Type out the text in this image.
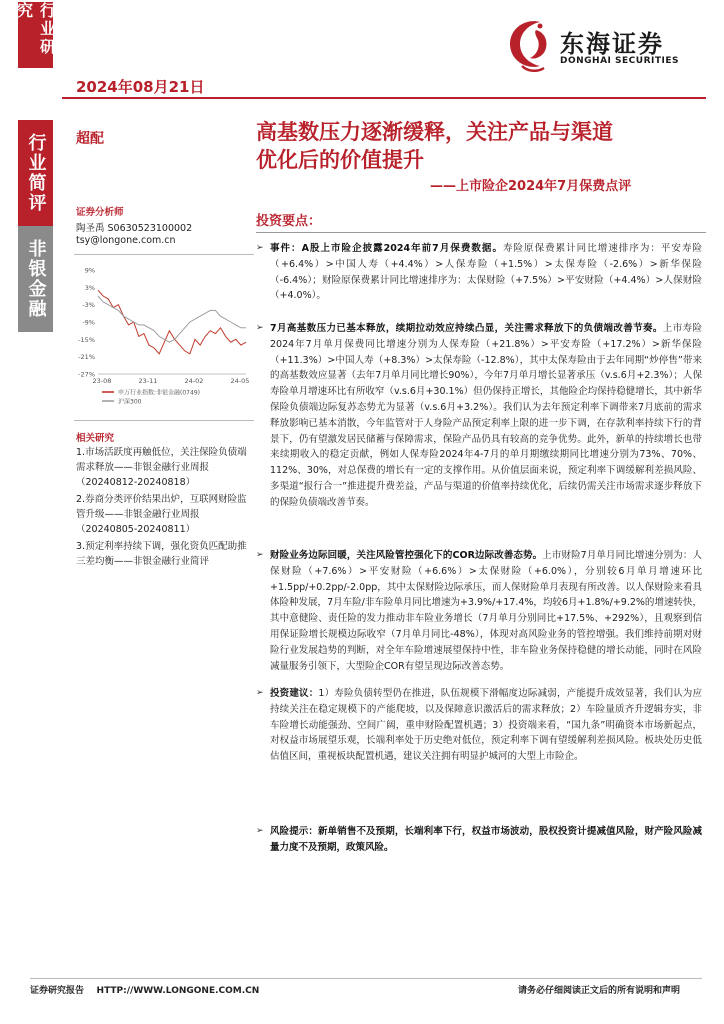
行业研究
行业简评
非银金融
2024年08月21日
东海证券
DONGHAI SECURITIES
超配	高基数压力逐渐缓释，关注产品与渠道
优化后的价值提升
——上市险企2024年7月保费点评
证券分析师
陶圣禹 S0630523100002
tsy@longone.com.cn
9%
3%
-3%
-9%
-15%
-21%
-27%
23-08	23-11	24-02	24-05
申万行业指数:非银金融(0749)
沪深300
相关研究
1.市场活跃度再触低位，关注保险负债端需求释放——非银金融行业周报（20240812-20240818）
2.券商分类评价结果出炉，互联网财险监管升级——非银金融行业周报（20240805-20240811）
3.预定利率持续下调，强化资负匹配助推三差均衡——非银金融行业简评
投资要点：
➢ 事件：A股上市险企披露2024年前7月保费数据。寿险原保费累计同比增速排序为：平安寿险（+6.4%）>中国人寿（+4.4%）>人保寿险（+1.5%）>太保寿险（-2.6%）>新华保险（-6.4%）；财险原保费累计同比增速排序为：太保财险（+7.5%）>平安财险（+4.4%）>人保财险（+4.0%）。
➢ 7月高基数压力已基本释放，续期拉动效应持续凸显，关注需求释放下的负债端改善节奏。上市寿险2024年7月单月保费同比增速分别为人保寿险（+21.8%）>平安寿险（+17.2%）>新华保险（+11.3%）>中国人寿（+8.3%）>太保寿险（-12.8%），其中太保寿险由于去年同期“炒停售”带来的高基数效应显著（去年7月单月同比增长90%），今年7月单月增长显著承压（v.s.6月+2.3%）；人保寿险单月增速环比有所收窄（v.s.6月+30.1%）但仍保持正增长，其他险企均保持稳健增长，其中新华保险负债端边际复苏态势尤为显著（v.s.6月+3.2%）。我们认为去年预定利率下调带来7月底前的需求释放影响已基本消散，今年监管对于人身险产品预定利率上限的进一步下调，在存款利率持续下行的背景下，仍有望激发居民储蓄与保障需求，保险产品仍具有较高的竞争优势。此外，新单的持续增长也带来续期收入的稳定贡献，例如人保寿险2024年4-7月的单月期缴续期同比增速分别为73%、70%、112%、30%，对总保费的增长有一定的支撑作用。从价值层面来说，预定利率下调缓解利差损风险、多渠道“报行合一”推进提升费差益，产品与渠道的价值率持续优化，后续仍需关注市场需求逐步释放下的保险负债端改善节奏。
➢ 财险业务边际回暖，关注风险管控强化下的COR边际改善态势。上市财险7月单月同比增速分别为：人保财险（+7.6%）>平安财险（+6.6%）>太保财险（+6.0%），分别较6月单月增速环比+1.5pp/+0.2pp/-2.0pp，其中太保财险边际承压，而人保财险单月表现有所改善。以人保财险来看具体险种发展，7月车险/非车险单月同比增速为+3.9%/+17.4%，均较6月+1.8%/+9.2%的增速转快，其中意健险、责任险的发力推动非车险业务增长（7月单月分别同比+17.5%、+292%），且观察到信用保证险增长规模边际收窄（7月单月同比-48%），体现对高风险业务的管控增强。我们维持前期对财险行业发展趋势的判断，对全年车险增速展望保持中性，非车险业务保持稳健的增长动能，同时在风险减量服务引领下，大型险企COR有望呈现边际改善态势。
➢ 投资建议：1）寿险负债转型仍在推进，队伍规模下滑幅度边际减弱，产能提升成效显著，我们认为应持续关注在稳定规模下的产能爬坡，以及保障意识激活后的需求释放；2）车险量质齐升逻辑夯实，非车险增长动能强劲、空间广阔，重申财险配置机遇；3）投资端来看，“国九条”明确资本市场新起点，对权益市场展望乐观，长端利率处于历史绝对低位，预定利率下调有望缓解利差损风险。板块处历史低估值区间，重视板块配置机遇，建议关注拥有明显护城河的大型上市险企。
➢ 风险提示：新单销售不及预期，长端利率下行，权益市场波动，股权投资计提减值风险，财产险风险减量力度不及预期，政策风险。
证券研究报告    HTTP://WWW.LONGONE.COM.CN	请务必仔细阅读正文后的所有说明和声明
